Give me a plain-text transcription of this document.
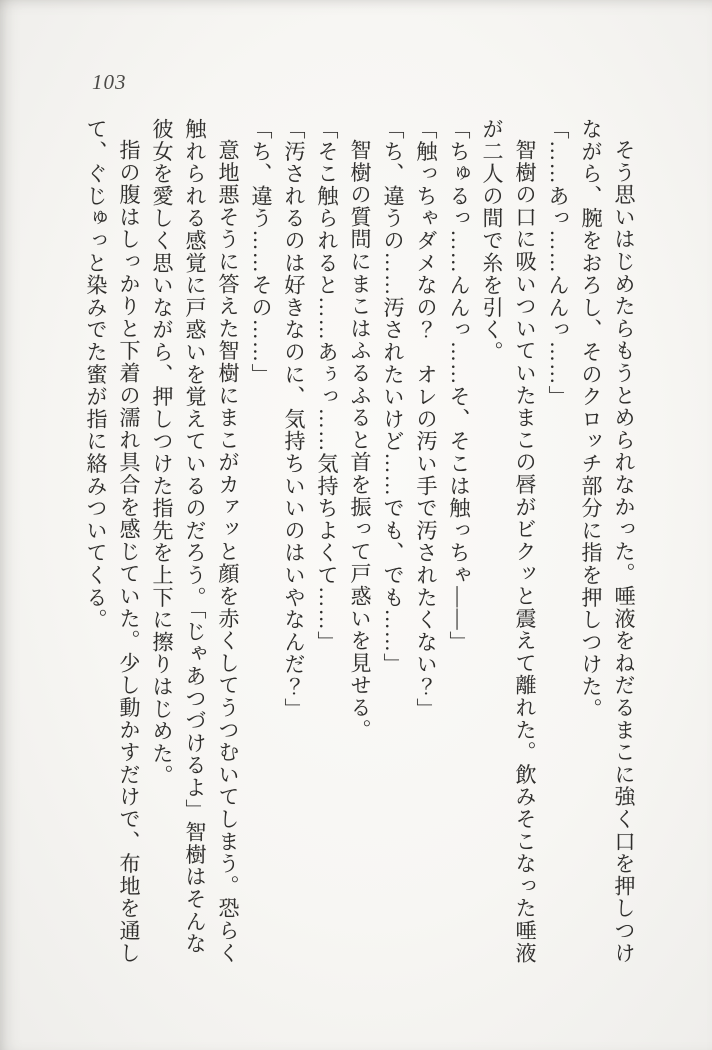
103

そう思いはじめたらもうとめられなかった。唾液をねだるまこに強く口を押しつけながら、腕をおろし、そのクロッチ部分に指を押しつけた。

「……あっ……んんっ……」

智樹の口に吸いついていたまこの唇がビクッと震えて離れた。飲みそこなった唾液が二人の間で糸を引く。

「ちゅるっ……んんっ……そ、そこは触っちゃ――」

「触っちゃダメなの？　オレの汚い手で汚されたくない？」

「ち、違うの……汚されたいけど……でも、でも……」

智樹の質問にまこはふるふると首を振って戸惑いを見せる。

「そこ触られると……あぅっ……気持ちよくて……」

「汚されるのは好きなのに、気持ちいいのはいやなんだ？」

「ち、違う……その……」

意地悪そうに答えた智樹にまこがカァッと顔を赤くしてうつむいてしまう。恐らく触れられる感覚に戸惑いを覚えているのだろう。「じゃあつづけるよ」智樹はそんな彼女を愛しく思いながら、押しつけた指先を上下に擦りはじめた。

指の腹はしっかりと下着の濡れ具合を感じていた。少し動かすだけで、布地を通して、ぐじゅっと染みでた蜜が指に絡みついてくる。
